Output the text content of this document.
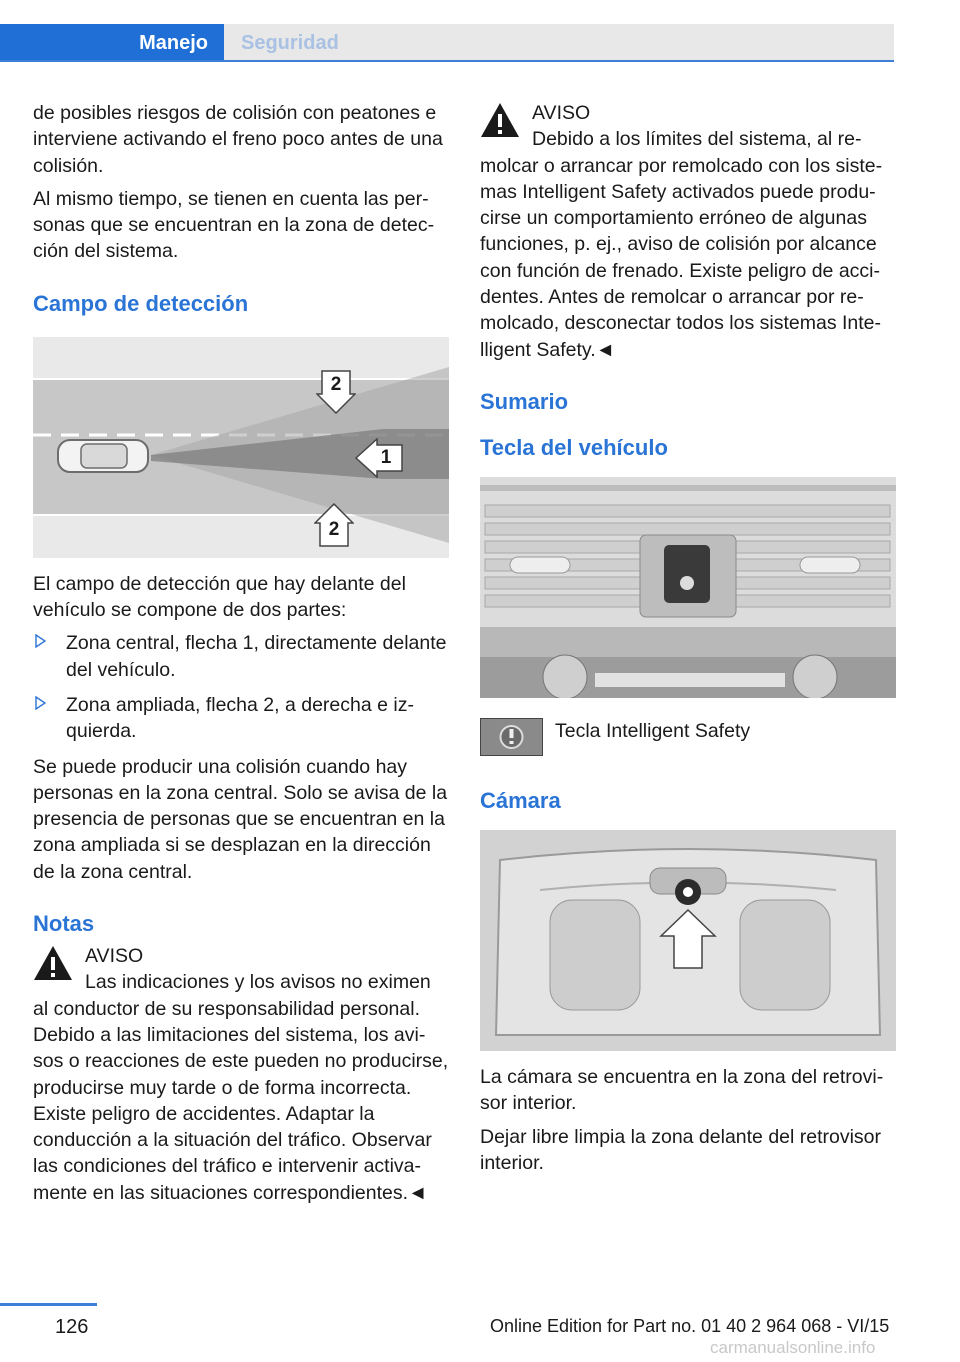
Manejo	Seguridad

de posibles riesgos de colisión con peatones e interviene activando el freno poco antes de una colisión.

Al mismo tiempo, se tienen en cuenta las personas que se encuentran en la zona de detección del sistema.

Campo de detección
2
1
2

El campo de detección que hay delante del vehículo se compone de dos partes:

Zona central, flecha 1, directamente delante del vehículo.
Zona ampliada, flecha 2, a derecha e izquierda.

Se puede producir una colisión cuando hay personas en la zona central. Solo se avisa de la presencia de personas que se encuentran en la zona ampliada si se desplazan en la dirección de la zona central.

Notas
AVISO

Las indicaciones y los avisos no eximen al conductor de su responsabilidad personal. Debido a las limitaciones del sistema, los avisos o reacciones de este pueden no producirse, producirse muy tarde o de forma incorrecta. Existe peligro de accidentes. Adaptar la conducción a la situación del tráfico. Observar las condiciones del tráfico e intervenir activamente en las situaciones correspondientes.◄

AVISO

Debido a los límites del sistema, al remolcar o arrancar por remolcado con los sistemas Intelligent Safety activados puede producirse un comportamiento erróneo de algunas funciones, p. ej., aviso de colisión por alcance con función de frenado. Existe peligro de accidentes. Antes de remolcar o arrancar por remolcado, desconectar todos los sistemas Intelligent Safety.◄

Sumario
Tecla del vehículo
Tecla Intelligent Safety
Cámara

La cámara se encuentra en la zona del retrovisor interior.

Dejar libre limpia la zona delante del retrovisor interior.

126	Online Edition for Part no. 01 40 2 964 068 - VI/15
carmanualsonline.info
